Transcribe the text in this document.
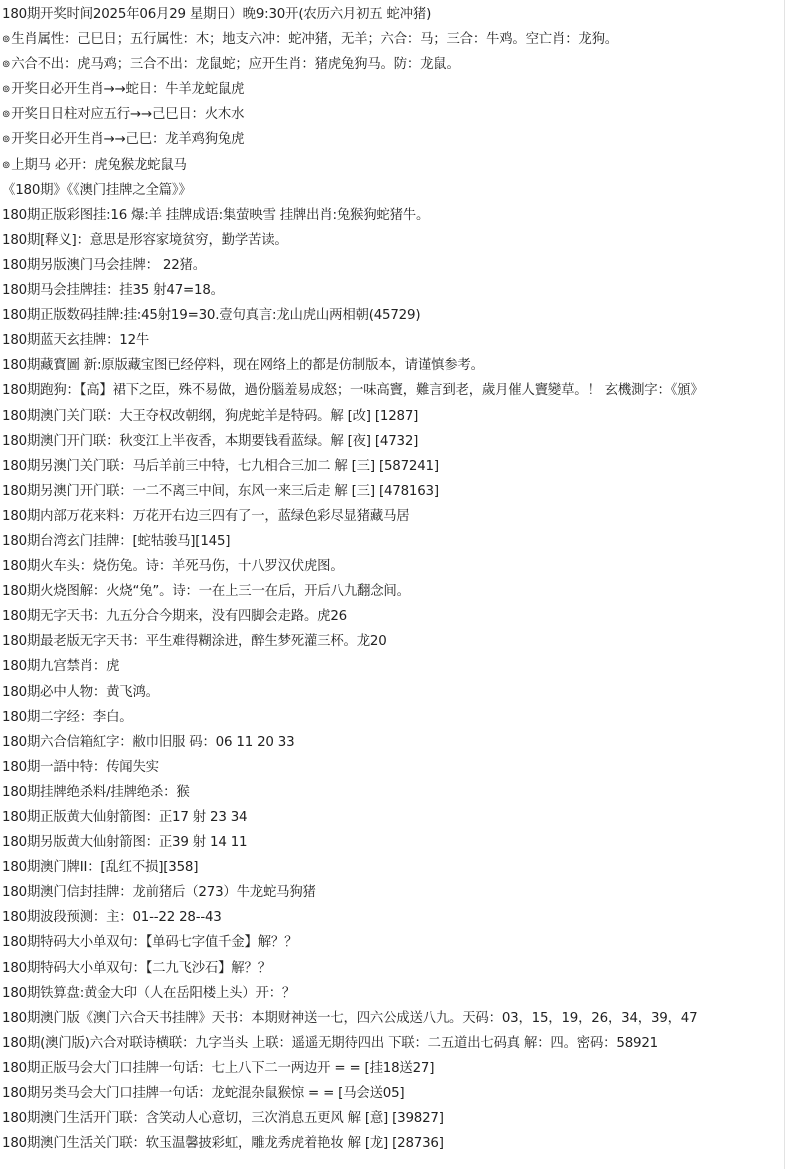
180期开奖时间2025年06月29 星期日）晚9:30开(农历六月初五 蛇冲猪)
⊚ 生肖属性：己巳日；五行属性：木；地支六冲：蛇冲猪，无羊；六合：马；三合：牛鸡。空亡肖：龙狗。
⊚ 六合不出：虎马鸡；三合不出：龙鼠蛇；应开生肖：猪虎兔狗马。防：龙鼠。
⊚ 开奖日必开生肖→→蛇日：牛羊龙蛇鼠虎
⊚ 开奖日日柱对应五行→→己巳日：火木水
⊚ 开奖日必开生肖→→己巳：龙羊鸡狗兔虎
⊚ 上期马 必开：虎兔猴龙蛇鼠马
《180期》《《澳门挂牌之全篇》》
180期正版彩图挂:16 爆:羊 挂牌成语:集萤映雪 挂牌出肖:兔猴狗蛇猪牛。
180期[释义]：意思是形容家境贫穷，勤学苦读。
180期另版澳门马会挂牌： 22猪。
180期马会挂牌挂：挂35 射47=18。
180期正版数码挂牌:挂:45射19=30.壹句真言:龙山虎山两相朝(45729)
180期蓝天玄挂牌：12牛
180期藏寳圖 新:原版藏宝图已经停料，现在网络上的都是仿制版本，请谨慎参考。
180期跑狗：【高】裙下之臣，殊不易做，過份腦羞易成怒；一味高竇，難言到老，歲月催人竇變草。！ 玄機測字：《頒》
180期澳门关门联：大王夺权改朝纲，狗虎蛇羊是特码。解 [改] [1287]
180期澳门开门联：秋变江上半夜香，本期要钱看蓝绿。解 [夜] [4732]
180期另澳门关门联：马后羊前三中特，七九相合三加二 解 [三] [587241]
180期另澳门开门联：一二不离三中间，东风一来三后走 解 [三] [478163]
180期内部万花来料：万花开右边三四有了一，蓝绿色彩尽显猪藏马居
180期台湾玄门挂牌：[蛇牯骏马][145]
180期火车头：烧伤兔。诗：羊死马伤，十八罗汉伏虎图。
180期火烧图解：火烧“兔”。诗：一在上三一在后，开后八九翻念间。
180期无字天书：九五分合今期来，没有四脚会走路。虎26
180期最老版无字天书：平生难得糊涂进，醉生梦死灌三杯。龙20
180期九宫禁肖：虎
180期必中人物：黄飞鸿。
180期二字经：李白。
180期六合信箱紅字：敝巾旧服 码：06 11 20 33
180期一語中特：传闻失实
180期挂牌绝杀料/挂牌绝杀：猴
180期正版黄大仙射箭图：正17 射 23 34
180期另版黄大仙射箭图：正39 射 14 11
180期澳门牌II：[乱红不损][358]
180期澳门信封挂牌：龙前猪后（273）牛龙蛇马狗猪
180期波段预测：主：01--22 28--43
180期特码大小单双句：【单码七字值千金】解？？
180期特码大小单双句：【二九飞沙石】解？？
180期铁算盘:黄金大印（人在岳阳楼上头）开：？
180期澳门版《澳门六合天书挂牌》天书：本期财神送一七，四六公成送八九。天码：03，15，19，26，34，39，47
180期(澳门版)六合对联诗横联：九字当头 上联：遥遥无期待四出 下联：二五道出七码真 解：四。密码：58921
180期正版马会大门口挂牌一句话：七上八下二一两边开 = = [挂18送27]
180期另类马会大门口挂牌一句话：龙蛇混杂鼠猴惊 = = [马会送05]
180期澳门生活开门联：含笑动人心意切，三次消息五更风 解 [意] [39827]
180期澳门生活关门联：软玉温馨披彩虹，雕龙秀虎着艳妆 解 [龙] [28736]
